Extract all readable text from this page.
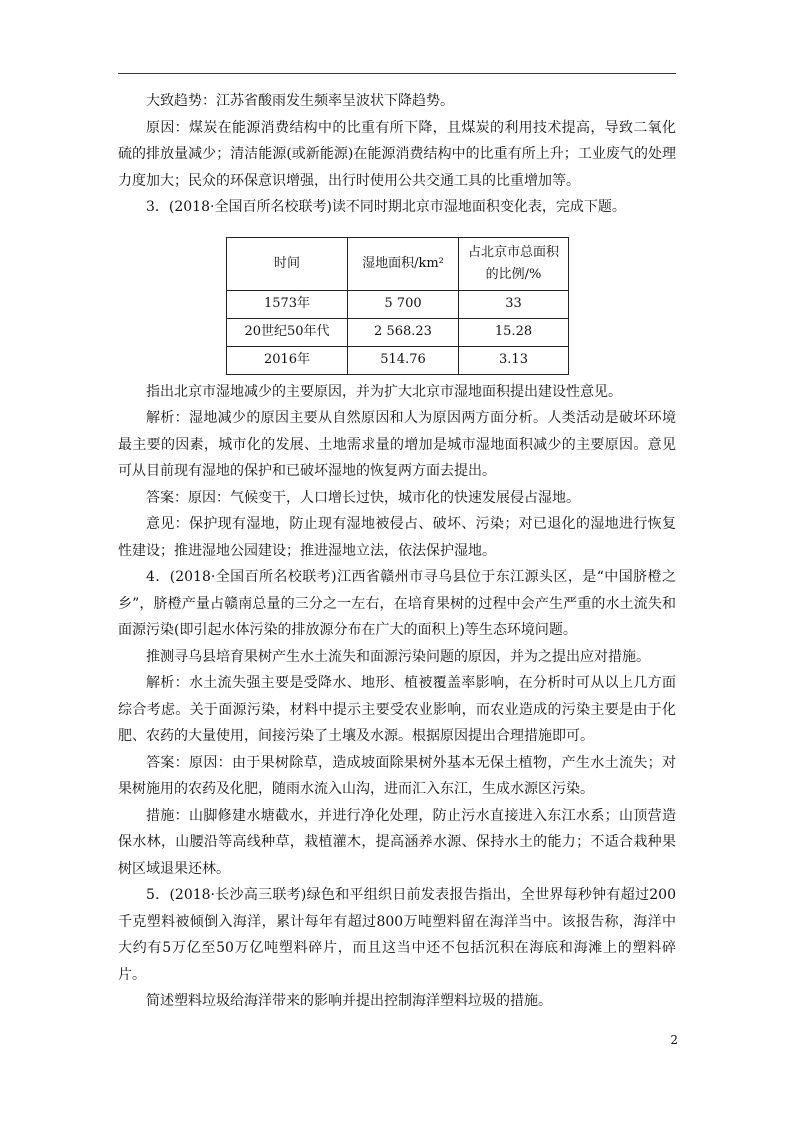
大致趋势：江苏省酸雨发生频率呈波状下降趋势。

原因：煤炭在能源消费结构中的比重有所下降，且煤炭的利用技术提高，导致二氧化硫的排放量减少；清洁能源(或新能源)在能源消费结构中的比重有所上升；工业废气的处理力度加大；民众的环保意识增强，出行时使用公共交通工具的比重增加等。

3．(2018·全国百所名校联考)读不同时期北京市湿地面积变化表，完成下题。

时间	湿地面积/km²	占北京市总面积的比例/%
1573年	5 700	33
20世纪50年代	2 568.23	15.28
2016年	514.76	3.13

指出北京市湿地减少的主要原因，并为扩大北京市湿地面积提出建设性意见。

解析：湿地减少的原因主要从自然原因和人为原因两方面分析。人类活动是破坏环境最主要的因素，城市化的发展、土地需求量的增加是城市湿地面积减少的主要原因。意见可从目前现有湿地的保护和已破坏湿地的恢复两方面去提出。

答案：原因：气候变干，人口增长过快，城市化的快速发展侵占湿地。

意见：保护现有湿地，防止现有湿地被侵占、破坏、污染；对已退化的湿地进行恢复性建设；推进湿地公园建设；推进湿地立法，依法保护湿地。

4．(2018·全国百所名校联考)江西省赣州市寻乌县位于东江源头区，是“中国脐橙之乡”，脐橙产量占赣南总量的三分之一左右，在培育果树的过程中会产生严重的水土流失和面源污染(即引起水体污染的排放源分布在广大的面积上)等生态环境问题。

推测寻乌县培育果树产生水土流失和面源污染问题的原因，并为之提出应对措施。

解析：水土流失强主要是受降水、地形、植被覆盖率影响，在分析时可从以上几方面综合考虑。关于面源污染，材料中提示主要受农业影响，而农业造成的污染主要是由于化肥、农药的大量使用，间接污染了土壤及水源。根据原因提出合理措施即可。

答案：原因：由于果树除草，造成坡面除果树外基本无保土植物，产生水土流失；对果树施用的农药及化肥，随雨水流入山沟，进而汇入东江，生成水源区污染。

措施：山脚修建水塘截水，并进行净化处理，防止污水直接进入东江水系；山顶营造保水林，山腰沿等高线种草，栽植灌木，提高涵养水源、保持水土的能力；不适合栽种果树区域退果还林。

5．(2018·长沙高三联考)绿色和平组织日前发表报告指出，全世界每秒钟有超过200千克塑料被倾倒入海洋，累计每年有超过800万吨塑料留在海洋当中。该报告称，海洋中大约有5万亿至50万亿吨塑料碎片，而且这当中还不包括沉积在海底和海滩上的塑料碎片。

简述塑料垃圾给海洋带来的影响并提出控制海洋塑料垃圾的措施。

2
